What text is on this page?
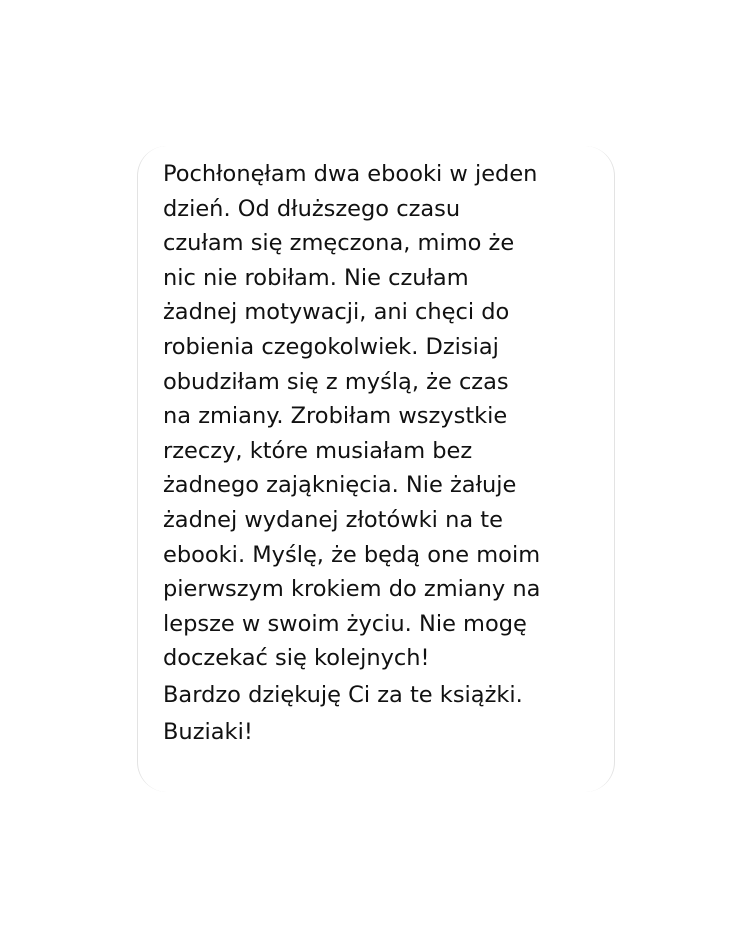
Pochłonęłam dwa ebooki w jeden
dzień. Od dłuższego czasu
czułam się zmęczona, mimo że
nic nie robiłam. Nie czułam
żadnej motywacji, ani chęci do
robienia czegokolwiek. Dzisiaj
obudziłam się z myślą, że czas
na zmiany. Zrobiłam wszystkie
rzeczy, które musiałam bez
żadnego zająknięcia. Nie żałuje
żadnej wydanej złotówki na te
ebooki. Myślę, że będą one moim
pierwszym krokiem do zmiany na
lepsze w swoim życiu. Nie mogę
doczekać się kolejnych!
Bardzo dziękuję Ci za te książki.
Buziaki!
